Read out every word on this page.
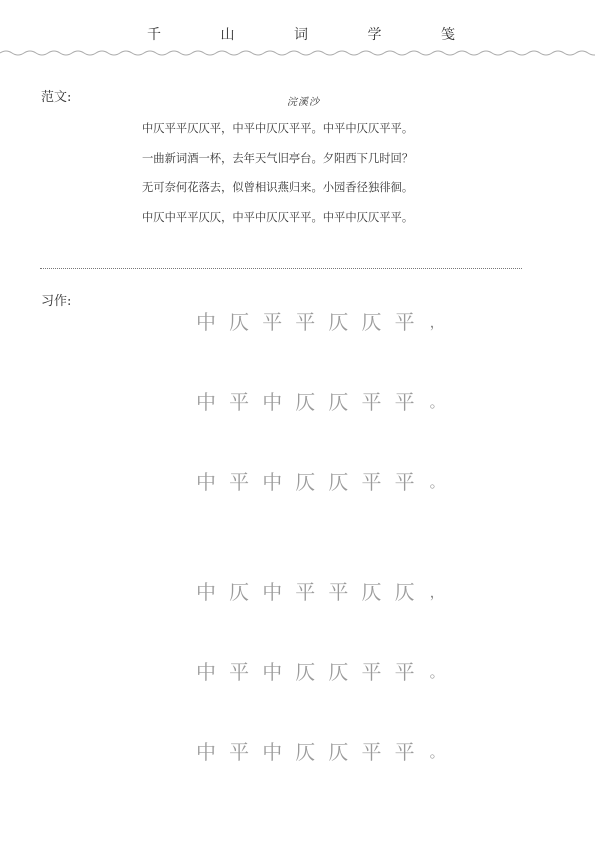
千	山	词	学	笺
范文:	浣溪沙
中仄平平仄仄平，中平中仄仄平平。中平中仄仄平平。
一曲新词酒一杯，去年天气旧亭台。夕阳西下几时回？
无可奈何花落去，似曾相识燕归来。小园香径独徘徊。
中仄中平平仄仄，中平中仄仄平平。中平中仄仄平平。
习作:
中 仄 平 平 仄 仄 平	，
中 平 中 仄 仄 平 平	。
中 平 中 仄 仄 平 平	。
中 仄 中 平 平 仄 仄	，
中 平 中 仄 仄 平 平	。
中 平 中 仄 仄 平 平	。
